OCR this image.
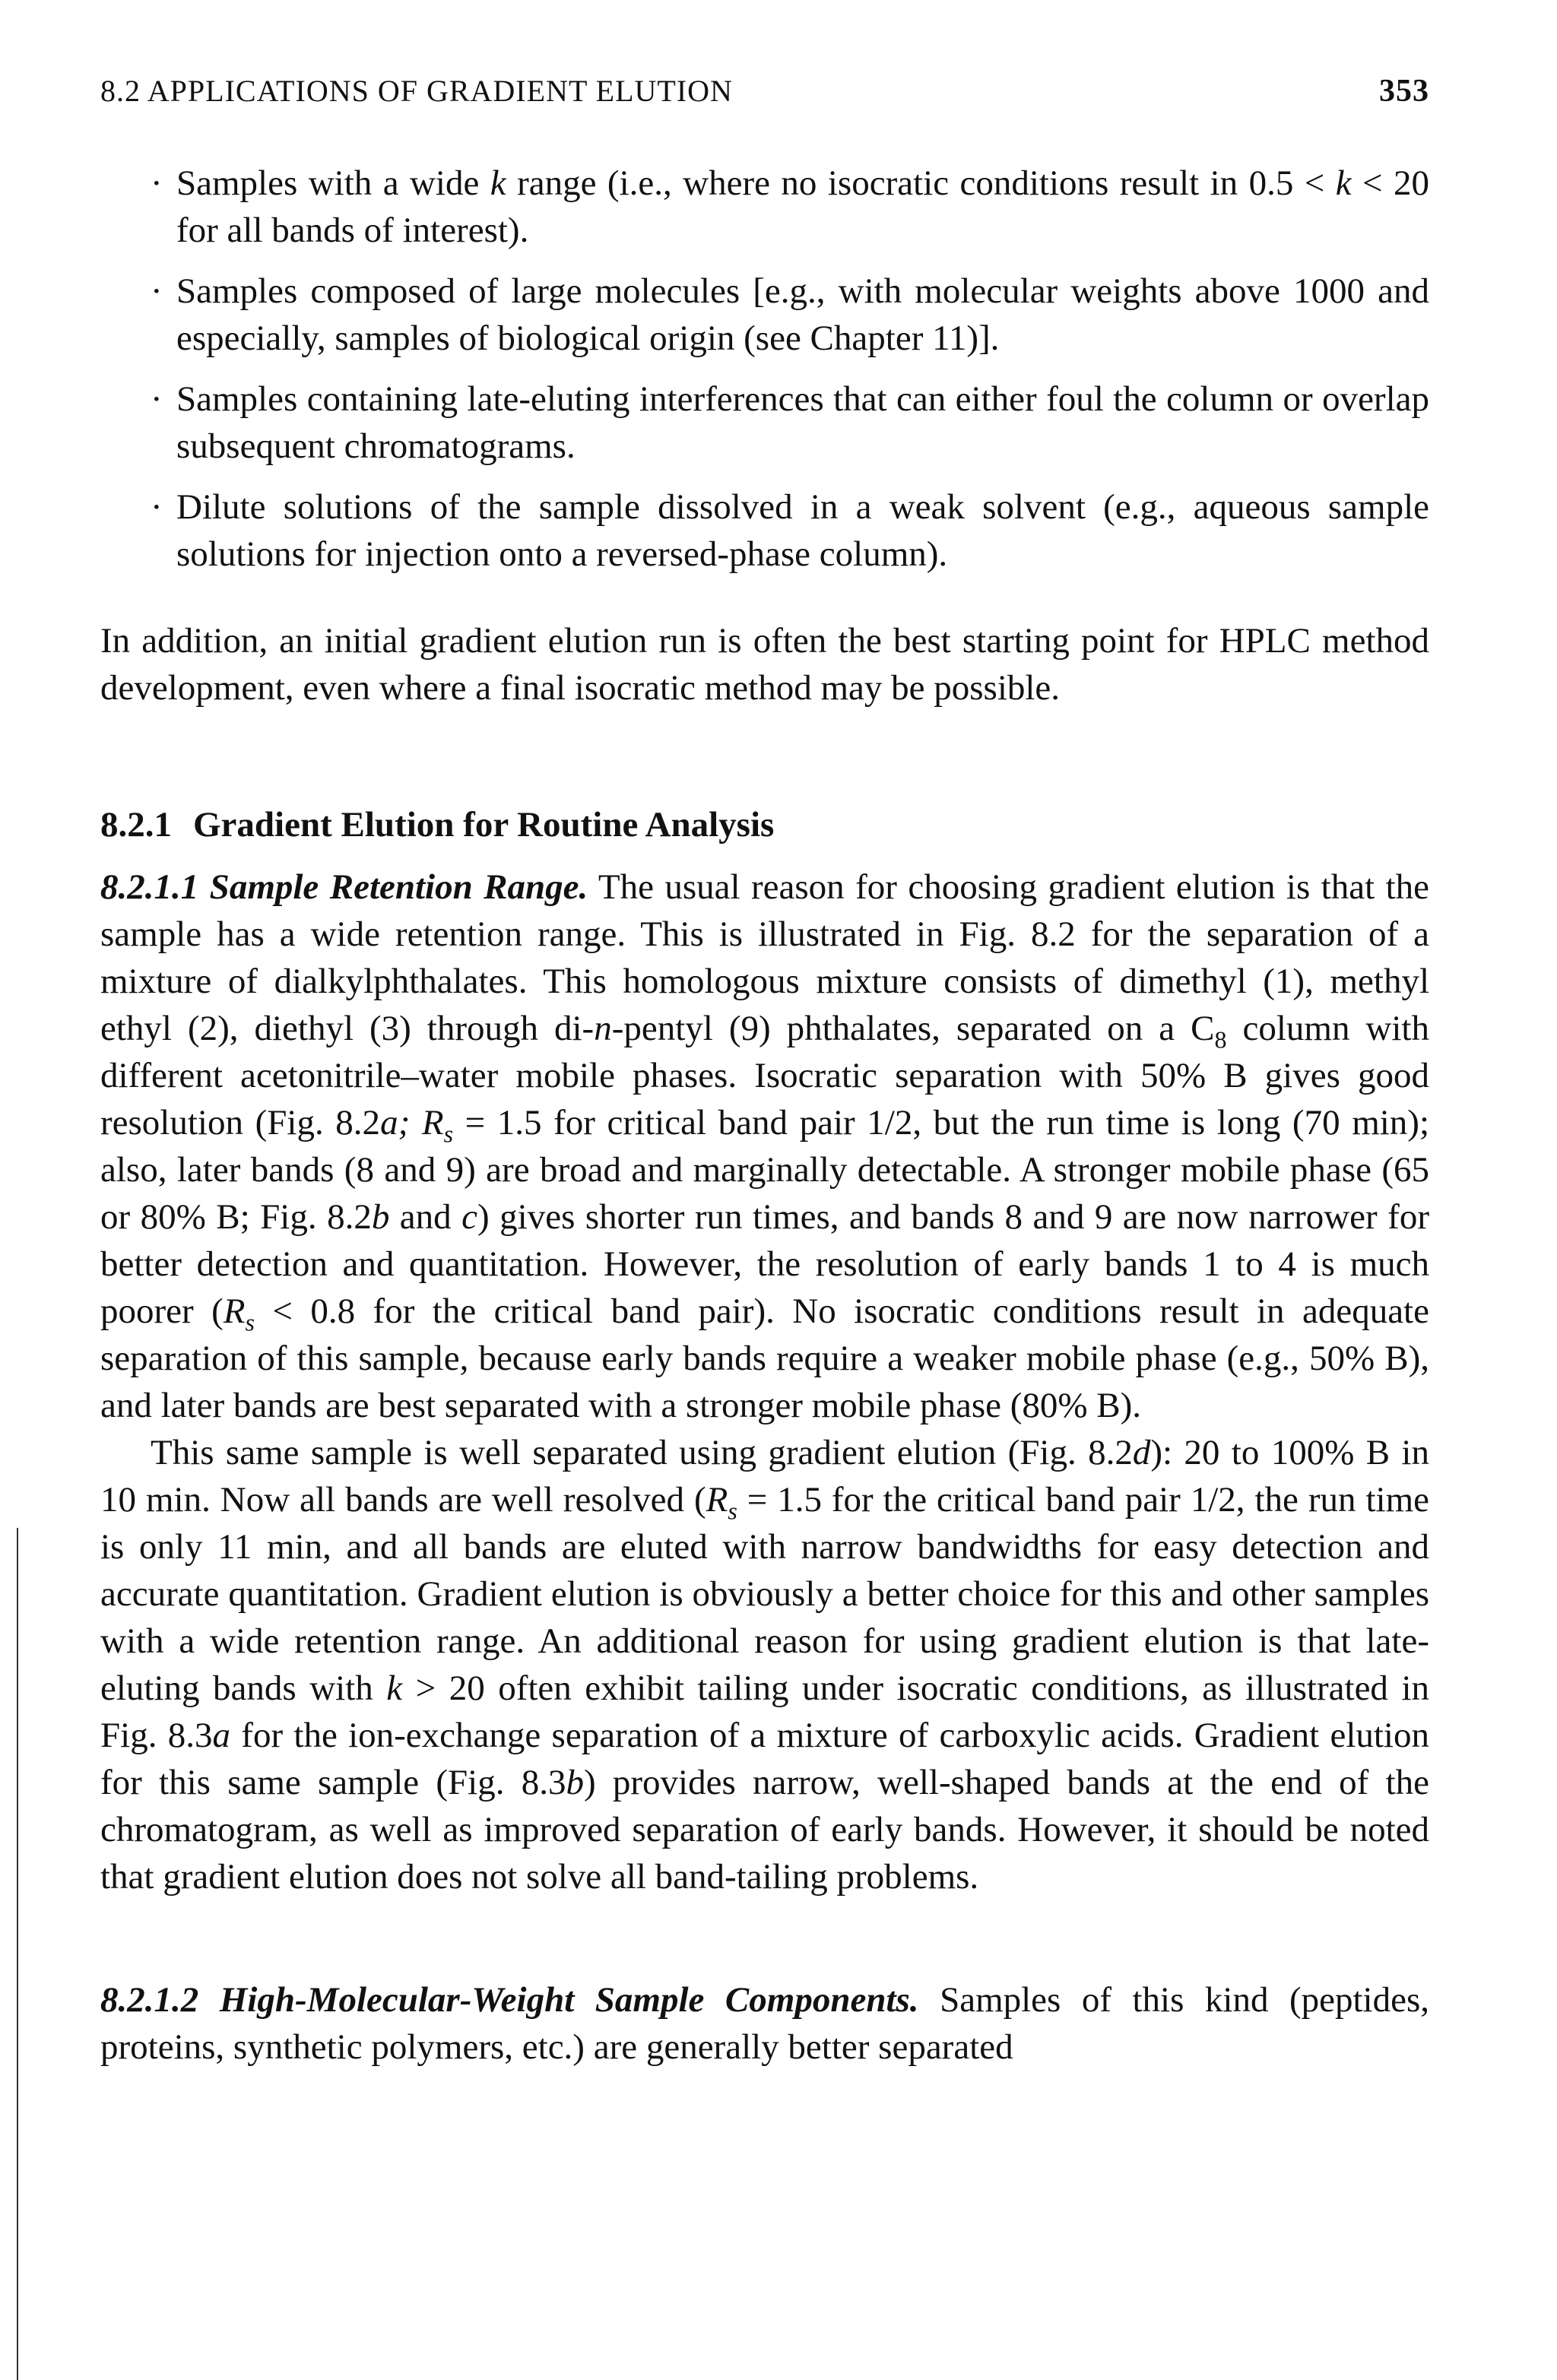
8.2 APPLICATIONS OF GRADIENT ELUTION	353
· Samples with a wide k range (i.e., where no isocratic conditions result in 0.5 < k < 20 for all bands of interest).
· Samples composed of large molecules [e.g., with molecular weights above 1000 and especially, samples of biological origin (see Chapter 11)].
· Samples containing late-eluting interferences that can either foul the column or overlap subsequent chromatograms.
· Dilute solutions of the sample dissolved in a weak solvent (e.g., aqueous sample solutions for injection onto a reversed-phase column).

In addition, an initial gradient elution run is often the best starting point for HPLC method development, even where a final isocratic method may be possible.

8.2.1 Gradient Elution for Routine Analysis

8.2.1.1 Sample Retention Range. The usual reason for choosing gradient elution is that the sample has a wide retention range. This is illustrated in Fig. 8.2 for the separation of a mixture of dialkylphthalates. This homologous mixture consists of dimethyl (1), methyl ethyl (2), diethyl (3) through di-n-pentyl (9) phthalates, separated on a $C_8$ column with different acetonitrile–water mobile phases. Isocratic separation with 50% B gives good resolution (Fig. 8.2a; $R_s = 1.5$ for critical band pair 1/2, but the run time is long (70 min); also, later bands (8 and 9) are broad and marginally detectable. A stronger mobile phase (65 or 80% B; Fig. 8.2b and c) gives shorter run times, and bands 8 and 9 are now narrower for better detection and quantitation. However, the resolution of early bands 1 to 4 is much poorer ($R_s < 0.8$ for the critical band pair). No isocratic conditions result in adequate separation of this sample, because early bands require a weaker mobile phase (e.g., 50% B), and later bands are best separated with a stronger mobile phase (80% B).

This same sample is well separated using gradient elution (Fig. 8.2d): 20 to 100% B in 10 min. Now all bands are well resolved ($R_s = 1.5$ for the critical band pair 1/2, the run time is only 11 min, and all bands are eluted with narrow bandwidths for easy detection and accurate quantitation. Gradient elution is obviously a better choice for this and other samples with a wide retention range. An additional reason for using gradient elution is that late-eluting bands with k > 20 often exhibit tailing under isocratic conditions, as illustrated in Fig. 8.3a for the ion-exchange separation of a mixture of carboxylic acids. Gradient elution for this same sample (Fig. 8.3b) provides narrow, well-shaped bands at the end of the chromatogram, as well as improved separation of early bands. However, it should be noted that gradient elution does not solve all band-tailing problems.

8.2.1.2 High-Molecular-Weight Sample Components. Samples of this kind (peptides, proteins, synthetic polymers, etc.) are generally better separated
